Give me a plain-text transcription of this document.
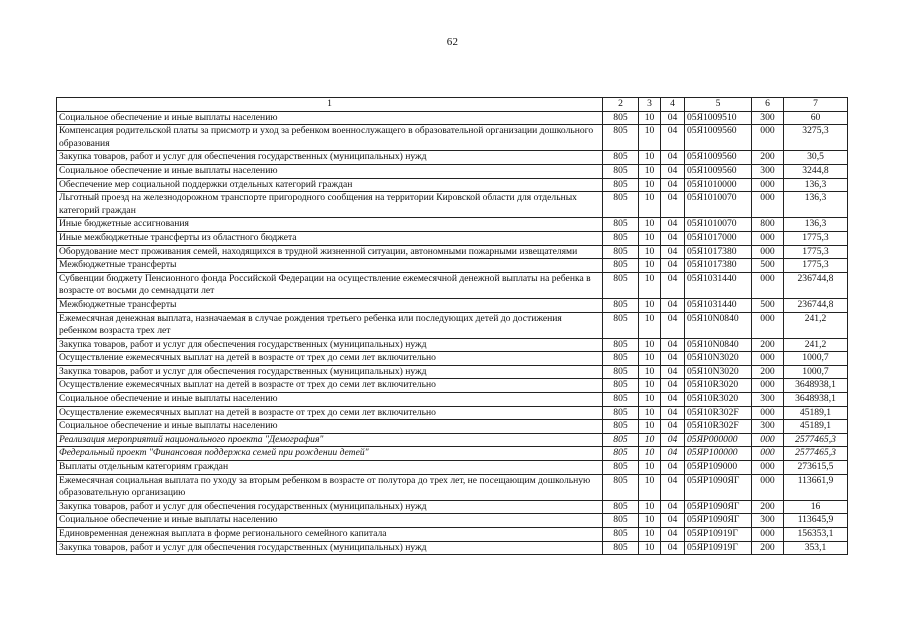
62
1	2	3	4	5	6	7
Социальное обеспечение и иные выплаты населению	805	10	04	05Я1009510	300	60
Компенсация родительской платы за присмотр и уход за ребенком военнослужащего в образовательной организации дошкольного образования	805	10	04	05Я1009560	000	3275,3
Закупка товаров, работ и услуг для обеспечения государственных (муниципальных) нужд	805	10	04	05Я1009560	200	30,5
Социальное обеспечение и иные выплаты населению	805	10	04	05Я1009560	300	3244,8
Обеспечение мер социальной поддержки отдельных категорий граждан	805	10	04	05Я1010000	000	136,3
Льготный проезд на железнодорожном транспорте пригородного сообщения на территории Кировской области для отдельных категорий граждан	805	10	04	05Я1010070	000	136,3
Иные бюджетные ассигнования	805	10	04	05Я1010070	800	136,3
Иные межбюджетные трансферты из областного бюджета	805	10	04	05Я1017000	000	1775,3
Оборудование мест проживания семей, находящихся в трудной жизненной ситуации, автономными пожарными извещателями	805	10	04	05Я1017380	000	1775,3
Межбюджетные трансферты	805	10	04	05Я1017380	500	1775,3
Субвенции бюджету Пенсионного фонда Российской Федерации на осуществление ежемесячной денежной выплаты на ребенка в возрасте от восьми до семнадцати лет	805	10	04	05Я1031440	000	236744,8
Межбюджетные трансферты	805	10	04	05Я1031440	500	236744,8
Ежемесячная денежная выплата, назначаемая в случае рождения третьего ребенка или последующих детей до достижения ребенком возраста трех лет	805	10	04	05Я10N0840	000	241,2
Закупка товаров, работ и услуг для обеспечения государственных (муниципальных) нужд	805	10	04	05Я10N0840	200	241,2
Осуществление ежемесячных выплат на детей в возрасте от трех до семи лет включительно	805	10	04	05Я10N3020	000	1000,7
Закупка товаров, работ и услуг для обеспечения государственных (муниципальных) нужд	805	10	04	05Я10N3020	200	1000,7
Осуществление ежемесячных выплат на детей в возрасте от трех до семи лет включительно	805	10	04	05Я10R3020	000	3648938,1
Социальное обеспечение и иные выплаты населению	805	10	04	05Я10R3020	300	3648938,1
Осуществление ежемесячных выплат на детей в возрасте от трех до семи лет включительно	805	10	04	05Я10R302F	000	45189,1
Социальное обеспечение и иные выплаты населению	805	10	04	05Я10R302F	300	45189,1
Реализация мероприятий национального проекта "Демография"	805	10	04	05ЯP000000	000	2577465,3
Федеральный проект "Финансовая поддержка семей при рождении детей"	805	10	04	05ЯP100000	000	2577465,3
Выплаты отдельным категориям граждан	805	10	04	05ЯP109000	000	273615,5
Ежемесячная социальная выплата по уходу за вторым ребенком в возрасте от полутора до трех лет, не посещающим дошкольную образовательную организацию	805	10	04	05ЯP1090ЯГ	000	113661,9
Закупка товаров, работ и услуг для обеспечения государственных (муниципальных) нужд	805	10	04	05ЯP1090ЯГ	200	16
Социальное обеспечение и иные выплаты населению	805	10	04	05ЯP1090ЯГ	300	113645,9
Единовременная денежная выплата в форме регионального семейного капитала	805	10	04	05ЯP10919Г	000	156353,1
Закупка товаров, работ и услуг для обеспечения государственных (муниципальных) нужд	805	10	04	05ЯP10919Г	200	353,1
